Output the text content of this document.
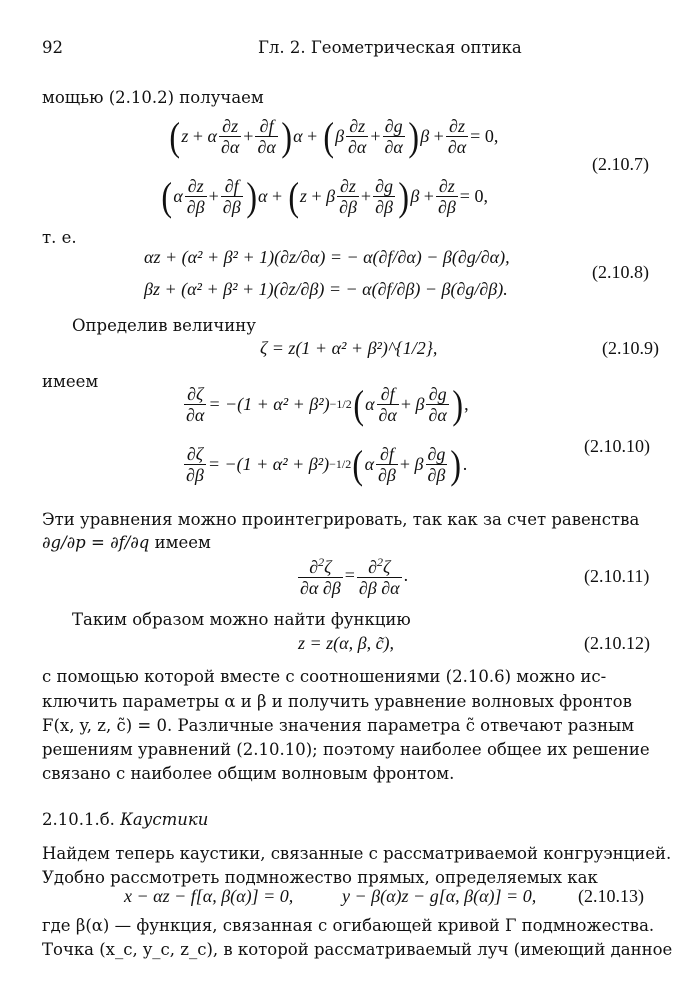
92	Гл. 2. Геометрическая оптика
мощью (2.10.2) получаем
( z + α $\frac{\partial z}{\partial\alpha} + \frac{\partial f}{\partial\alpha}$ ) α + ( β $\frac{\partial z}{\partial\alpha} + \frac{\partial g}{\partial\alpha}$ ) $\beta + \frac{\partial z}{\partial\alpha} = 0$,
(2.10.7)
( α $\frac{\partial z}{\partial\beta} + \frac{\partial f}{\partial\beta}$ ) α + ( z + β $\frac{\partial z}{\partial\beta} + \frac{\partial g}{\partial\beta}$ ) $\beta + \frac{\partial z}{\partial\beta} = 0$,
т. е.
αz + (α² + β² + 1)(∂z/∂α) = − α(∂f/∂α) − β(∂g/∂α),
(2.10.8)
βz + (α² + β² + 1)(∂z/∂β) = − α(∂f/∂β) − β(∂g/∂β).
Определив величину
ζ = z(1 + α² + β²)^{1/2},	(2.10.9)
имеем
$\frac{\partial\zeta}{\partial\alpha} = -(1 + \alpha^2 + \beta^2) -1/2$ ( α $\frac{\partial f}{\partial\alpha} + \beta \frac{\partial g}{\partial\alpha}$ ) ,
(2.10.10)
$\frac{\partial\zeta}{\partial\beta} = -(1 + \alpha^2 + \beta^2) -1/2$ ( α $\frac{\partial f}{\partial\beta} + \beta \frac{\partial g}{\partial\beta}$ ) .
Эти уравнения можно проинтегрировать, так как за счет равенства
∂g/∂p = ∂f/∂q имеем
$\frac{\partial^2\zeta}{\partial\alpha \partial\beta} = \frac{\partial^2\zeta}{\partial\beta \partial\alpha}$ .	(2.10.11)
Таким образом можно найти функцию
z = z(α, β, c̃),	(2.10.12)
с помощью которой вместе с соотношениями (2.10.6) можно ис-
ключить параметры α и β и получить уравнение волновых фронтов
F(x, y, z, c̃) = 0. Различные значения параметра c̃ отвечают разным
решениям уравнений (2.10.10); поэтому наиболее общее их решение
связано с наиболее общим волновым фронтом.
2.10.1.б. Каустики
Найдем теперь каустики, связанные с рассматриваемой конгруэнцией.
Удобно рассмотреть подмножество прямых, определяемых как
x − αz − f[α, β(α)] = 0,	y − β(α)z − g[α, β(α)] = 0, (2.10.13)
где β(α) — функция, связанная с огибающей кривой Γ подмножества.
Точка (x_c, y_c, z_c), в которой рассматриваемый луч (имеющий данное
